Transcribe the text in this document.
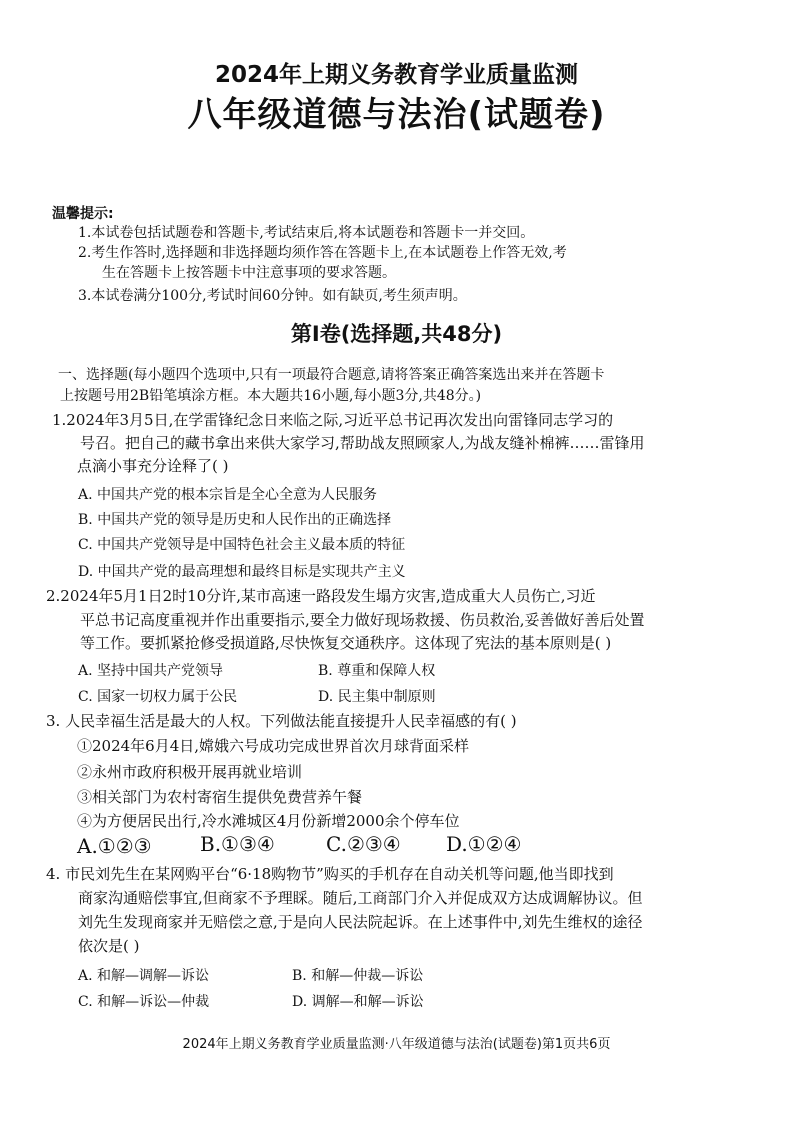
2024年上期义务教育学业质量监测
八年级道德与法治(试题卷)
温馨提示:
1.本试卷包括试题卷和答题卡,考试结束后,将本试题卷和答题卡一并交回。
2.考生作答时,选择题和非选择题均须作答在答题卡上,在本试题卷上作答无效,考
生在答题卡上按答题卡中注意事项的要求答题。
3.本试卷满分100分,考试时间60分钟。如有缺页,考生须声明。
第I卷(选择题,共48分)
一、选择题(每小题四个选项中,只有一项最符合题意,请将答案正确答案选出来并在答题卡
上按题号用2B铅笔填涂方框。本大题共16小题,每小题3分,共48分。)
1.2024年3月5日,在学雷锋纪念日来临之际,习近平总书记再次发出向雷锋同志学习的
号召。把自己的藏书拿出来供大家学习,帮助战友照顾家人,为战友缝补棉裤……雷锋用
点滴小事充分诠释了( )
A. 中国共产党的根本宗旨是全心全意为人民服务
B. 中国共产党的领导是历史和人民作出的正确选择
C. 中国共产党领导是中国特色社会主义最本质的特征
D. 中国共产党的最高理想和最终目标是实现共产主义
2.2024年5月1日2时10分许,某市高速一路段发生塌方灾害,造成重大人员伤亡,习近
平总书记高度重视并作出重要指示,要全力做好现场救援、伤员救治,妥善做好善后处置
等工作。要抓紧抢修受损道路,尽快恢复交通秩序。这体现了宪法的基本原则是( )
A. 坚持中国共产党领导	B. 尊重和保障人权
C. 国家一切权力属于公民	D. 民主集中制原则
3. 人民幸福生活是最大的人权。下列做法能直接提升人民幸福感的有( )
①2024年6月4日,嫦娥六号成功完成世界首次月球背面采样
②永州市政府积极开展再就业培训
③相关部门为农村寄宿生提供免费营养午餐
④为方便居民出行,冷水滩城区4月份新增2000余个停车位
A.①②③ B.①③④	C.②③④ D.①②④
4. 市民刘先生在某网购平台“6·18购物节”购买的手机存在自动关机等问题,他当即找到
商家沟通赔偿事宜,但商家不予理睬。随后,工商部门介入并促成双方达成调解协议。但
刘先生发现商家并无赔偿之意,于是向人民法院起诉。在上述事件中,刘先生维权的途径
依次是( )
A. 和解—调解—诉讼	B. 和解—仲裁—诉讼
C. 和解—诉讼—仲裁	D. 调解—和解—诉讼
2024年上期义务教育学业质量监测·八年级道德与法治(试题卷)第1页共6页
